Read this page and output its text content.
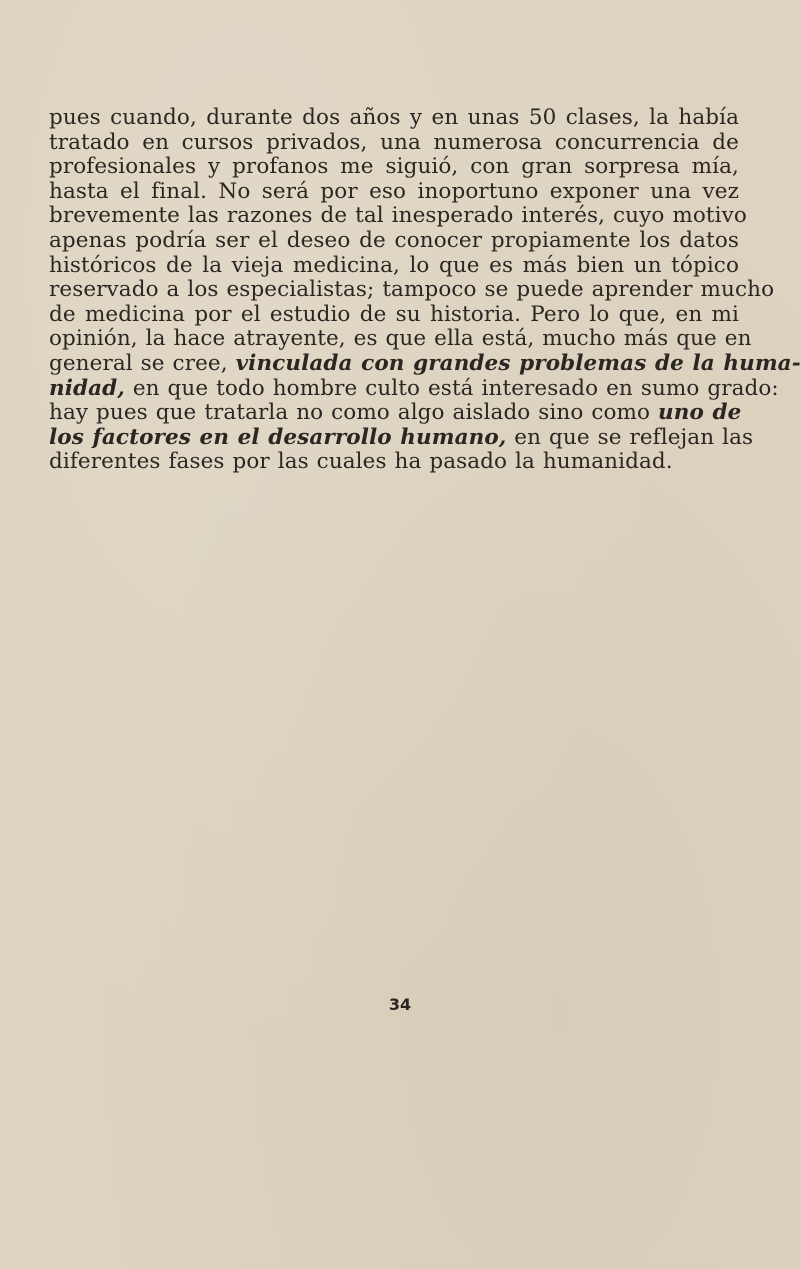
pues cuando, durante dos años y en unas 50 clases, la había
tratado en cursos privados, una numerosa concurrencia de
profesionales y profanos me siguió, con gran sorpresa mía,
hasta el final. No será por eso inoportuno exponer una vez
brevemente las razones de tal inesperado interés, cuyo motivo
apenas podría ser el deseo de conocer propiamente los datos
históricos de la vieja medicina, lo que es más bien un tópico
reservado a los especialistas; tampoco se puede aprender mucho
de medicina por el estudio de su historia. Pero lo que, en mi
opinión, la hace atrayente, es que ella está, mucho más que en
general se cree, vinculada con grandes problemas de la huma-
nidad, en que todo hombre culto está interesado en sumo grado:
hay pues que tratarla no como algo aislado sino como uno de
los factores en el desarrollo humano, en que se reflejan las
diferentes fases por las cuales ha pasado la humanidad.
34
